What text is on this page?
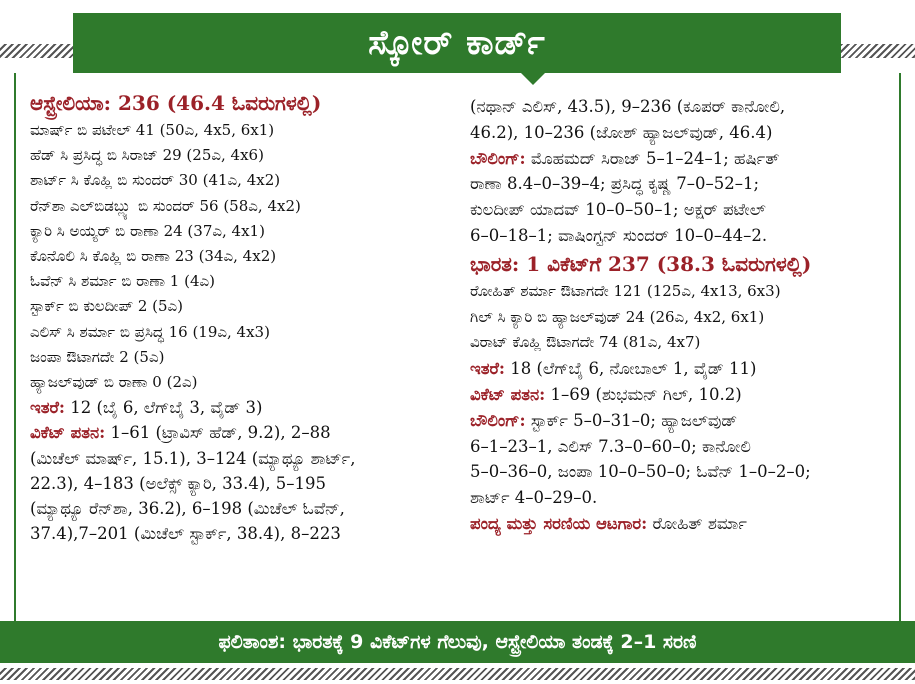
ಸ್ಕೋರ್ ಕಾರ್ಡ್
ಆಸ್ಟ್ರೇಲಿಯಾ: 236 (46.4 ಓವರುಗಳಲ್ಲಿ)
ಮಾರ್ಷ್ ಬಿ ಪಟೇಲ್ 41 (50ಎ, 4x5, 6x1)
ಹೆಡ್ ಸಿ ಪ್ರಸಿದ್ಧ ಬಿ ಸಿರಾಜ್ 29 (25ಎ, 4x6)
ಶಾರ್ಟ್ ಸಿ ಕೊಹ್ಲಿ ಬಿ ಸುಂದರ್ 30 (41ಎ, 4x2)
ರೆನ್‌ಶಾ ಎಲ್‌ಬಿಡಬ್ಲ್ಯು ಬಿ ಸುಂದರ್ 56 (58ಎ, 4x2)
ಕ್ಯಾರಿ ಸಿ ಅಯ್ಯರ್ ಬಿ ರಾಣಾ 24 (37ಎ, 4x1)
ಕೊನೊಲಿ ಸಿ ಕೊಹ್ಲಿ ಬಿ ರಾಣಾ 23 (34ಎ, 4x2)
ಓವೆನ್ ಸಿ ಶರ್ಮಾ ಬಿ ರಾಣಾ 1 (4ಎ)
ಸ್ಟಾರ್ಕ್ ಬಿ ಕುಲದೀಪ್ 2 (5ಎ)
ಎಲಿಸ್ ಸಿ ಶರ್ಮಾ ಬಿ ಪ್ರಸಿದ್ಧ 16 (19ಎ, 4x3)
ಜಂಪಾ ಔಟಾಗದೇ 2 (5ಎ)
ಹ್ಯಾಜಲ್‌ವುಡ್ ಬಿ ರಾಣಾ 0 (2ಎ)
ಇತರೆ: 12 (ಬೈ 6, ಲೆಗ್‌ಬೈ 3, ವೈಡ್ 3)
ವಿಕೆಟ್ ಪತನ: 1–61 (ಟ್ರಾವಿಸ್ ಹೆಡ್, 9.2), 2–88
(ಮಿಚೆಲ್ ಮಾರ್ಷ್, 15.1), 3–124 (ಮ್ಯಾಥ್ಯೂ ಶಾರ್ಟ್,
22.3), 4–183 (ಅಲೆಕ್ಸ್ ಕ್ಯಾರಿ, 33.4), 5–195
(ಮ್ಯಾಥ್ಯೂ ರೆನ್‌ಶಾ, 36.2), 6–198 (ಮಿಚೆಲ್ ಓವೆನ್,
37.4),7–201 (ಮಿಚೆಲ್ ಸ್ಟಾರ್ಕ್, 38.4), 8–223
(ನಥಾನ್ ಎಲಿಸ್, 43.5), 9–236 (ಕೂಪರ್ ಕಾನೋಲಿ,
46.2), 10–236 (ಜೋಶ್ ಹ್ಯಾಜಲ್‌ವುಡ್, 46.4)
ಬೌಲಿಂಗ್: ಮೊಹಮದ್ ಸಿರಾಜ್ 5–1–24–1; ಹರ್ಷಿತ್
ರಾಣಾ 8.4–0–39–4; ಪ್ರಸಿದ್ಧ ಕೃಷ್ಣ 7–0–52–1;
ಕುಲದೀಪ್ ಯಾದವ್ 10–0–50–1; ಅಕ್ಷರ್ ಪಟೇಲ್
6–0–18–1; ವಾಷಿಂಗ್ಟನ್ ಸುಂದರ್ 10–0–44–2.
ಭಾರತ: 1 ವಿಕೆಟ್‌ಗೆ 237 (38.3 ಓವರುಗಳಲ್ಲಿ)
ರೋಹಿತ್ ಶರ್ಮಾ ಔಟಾಗದೇ 121 (125ಎ, 4x13, 6x3)
ಗಿಲ್ ಸಿ ಕ್ಯಾರಿ ಬಿ ಹ್ಯಾಜಲ್‌ವುಡ್ 24 (26ಎ, 4x2, 6x1)
ವಿರಾಟ್ ಕೊಹ್ಲಿ ಔಟಾಗದೇ 74 (81ಎ, 4x7)
ಇತರೆ: 18 (ಲೆಗ್‌ಬೈ 6, ನೋಬಾಲ್ 1, ವೈಡ್ 11)
ವಿಕೆಟ್ ಪತನ: 1–69 (ಶುಭಮನ್ ಗಿಲ್, 10.2)
ಬೌಲಿಂಗ್: ಸ್ಟಾರ್ಕ್ 5–0–31–0; ಹ್ಯಾಜಲ್‌ವುಡ್
6–1–23–1, ಎಲಿಸ್ 7.3–0–60–0; ಕಾನೋಲಿ
5–0–36–0, ಜಂಪಾ 10–0–50–0; ಓವೆನ್ 1–0–2–0;
ಶಾರ್ಟ್ 4–0–29–0.
ಪಂದ್ಯ ಮತ್ತು ಸರಣಿಯ ಆಟಗಾರ: ರೋಹಿತ್ ಶರ್ಮಾ
ಫಲಿತಾಂಶ: ಭಾರತಕ್ಕೆ 9 ವಿಕೆಟ್‌ಗಳ ಗೆಲುವು, ಆಸ್ಟ್ರೇಲಿಯಾ ತಂಡಕ್ಕೆ 2–1 ಸರಣಿ
